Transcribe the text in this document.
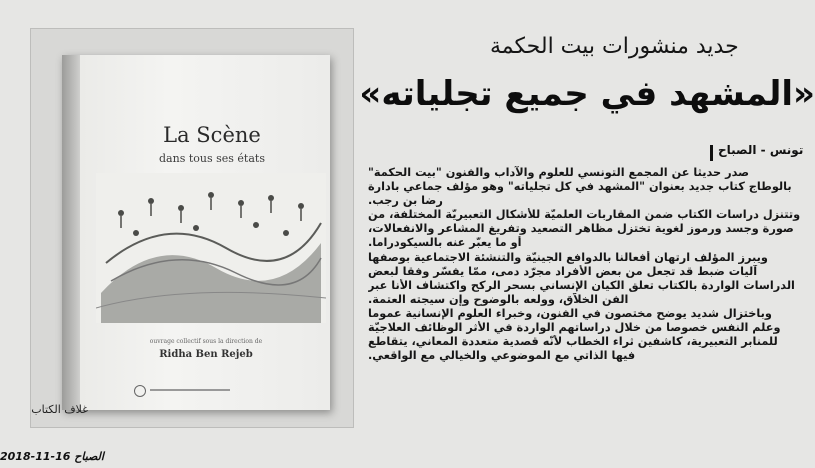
La Scène
dans tous ses états
ouvrage collectif sous la direction de
Ridha Ben Rejeb
غلاف الكتاب
الصباح 16-11-2018
جديد منشورات بيت الحكمة
«المشهد في جميع تجلياته»
تونس - الصباح
صدر حديثا عن المجمع التونسي للعلوم والآداب والفنون "بيت الحكمة"
بالوطاج كتاب جديد بعنوان "المشهد في كل تجلياته" وهو مؤلف جماعي بادارة
رضا بن رجب.
وتتنزل دراسات الكتاب ضمن المقاربات العلميّة للأشكال التعبيريّة المختلفة، من
صورة وجسد ورموز لغوية تختزل مظاهر التصعيد وتفريغ المشاعر والانفعالات،
أو ما يعبّر عنه بالسيكودراما.
ويبرز المؤلف ارتهان أفعالنا بالدوافع الجينيّة والتنشئة الاجتماعية بوصفها
آليات ضبط قد تجعل من بعض الأفراد مجرّد دمى، ممّا يفسّر وفقا لبعض
الدراسات الواردة بالكتاب تعلق الكيان الإنساني بسحر الركح واكتشاف الأنا عبر
الفن الخلاّق، وولعه بالوضوح وإن سيجته العتمة.
وباختزال شديد يوضح مختصون في الفنون، وخبراء العلوم الإنسانية عموما
وعلم النفس خصوصا من خلال دراساتهم الواردة في الأثر الوظائف العلاجيّة
للمنابر التعبيرية، كاشفين ثراء الخطاب لأنّه قصدية متعددة المعاني، يتقاطع
فيها الذاتي مع الموضوعي والخيالي مع الواقعي.
